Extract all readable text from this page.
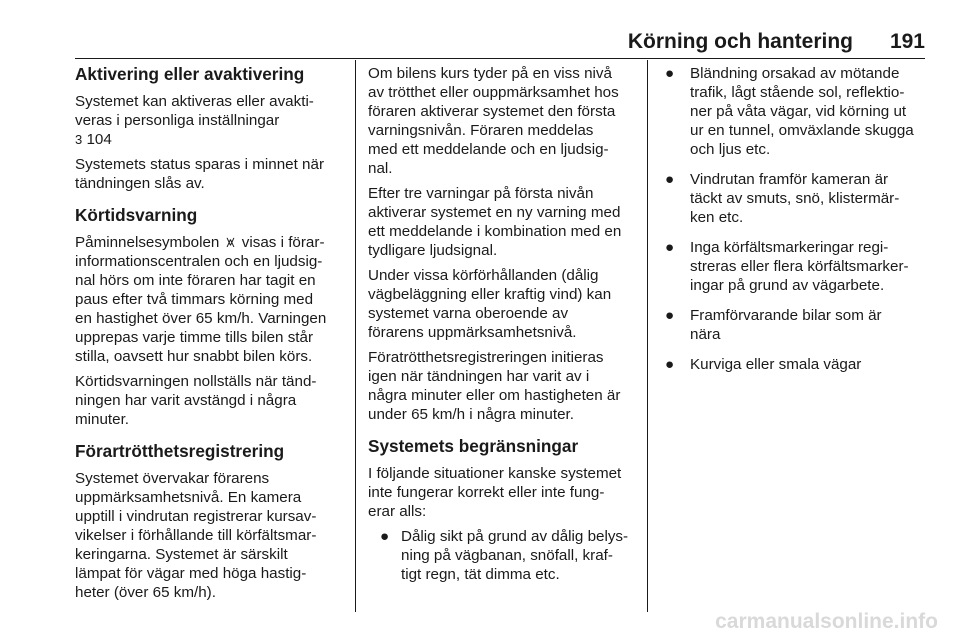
Körning och hantering 191
Aktivering eller avaktivering

Systemet kan aktiveras eller avakti-
veras i personliga inställningar
3 104

Systemets status sparas i minnet när
tändningen slås av.

Körtidsvarning

Påminnelsesymbolen ⩙ visas i förar-
informationscentralen och en ljudsig-
nal hörs om inte föraren har tagit en
paus efter två timmars körning med
en hastighet över 65 km/h. Varningen
upprepas varje timme tills bilen står
stilla, oavsett hur snabbt bilen körs.

Körtidsvarningen nollställs när tänd-
ningen har varit avstängd i några
minuter.

Förartrötthetsregistrering

Systemet övervakar förarens
uppmärksamhetsnivå. En kamera
upptill i vindrutan registrerar kursav-
vikelser i förhållande till körfältsmar-
keringarna. Systemet är särskilt
lämpat för vägar med höga hastig-
heter (över 65 km/h).

Om bilens kurs tyder på en viss nivå
av trötthet eller ouppmärksamhet hos
föraren aktiverar systemet den första
varningsnivån. Föraren meddelas
med ett meddelande och en ljudsig-
nal.

Efter tre varningar på första nivån
aktiverar systemet en ny varning med
ett meddelande i kombination med en
tydligare ljudsignal.

Under vissa körförhållanden (dålig
vägbeläggning eller kraftig vind) kan
systemet varna oberoende av
förarens uppmärksamhetsnivå.

Föratrötthetsregistreringen initieras
igen när tändningen har varit av i
några minuter eller om hastigheten är
under 65 km/h i några minuter.

Systemets begränsningar

I följande situationer kanske systemet
inte fungerar korrekt eller inte fung-
erar alls:

● Dålig sikt på grund av dålig belys-
ning på vägbanan, snöfall, kraf-
tigt regn, tät dimma etc.
●	Bländning orsakad av mötande
trafik, lågt stående sol, reflektio-
ner på våta vägar, vid körning ut
ur en tunnel, omväxlande skugga
och ljus etc.
●	Vindrutan framför kameran är
täckt av smuts, snö, klistermär-
ken etc.
●	Inga körfältsmarkeringar regi-
streras eller flera körfältsmarker-
ingar på grund av vägarbete.
●	Framförvarande bilar som är
nära
●	Kurviga eller smala vägar
carmanualsonline.info
